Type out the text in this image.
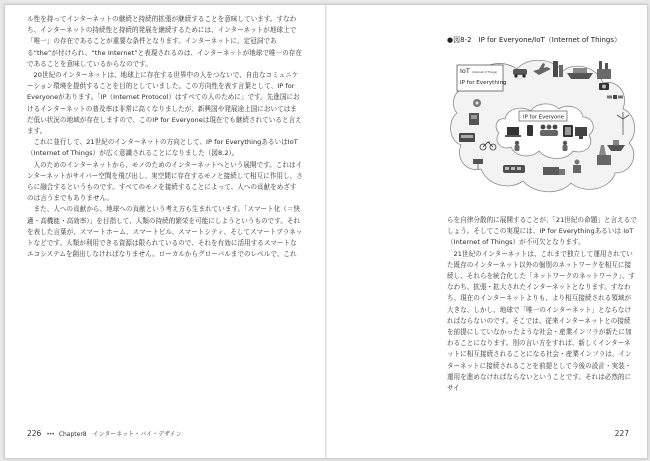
ル性を持ってインターネットの継続と持続的拡張が継続することを意味しています。すなわち、インターネットの持続性と持続的発展を継続するためには、インターネットが地球上で「唯一」の存在であることが重要な条件となります。インターネットに、定冠詞である“the”が付けられ、“the Internet”と表現されるのは、インターネットが地球で唯一の存在であることを意味しているからなのです。

20世紀のインターネットは、地球上に存在する世界中の人をつないで、自由なコミュニケーション環境を提供することを目的としていました。この方向性を表す言葉として、IP for Everyoneがあります。「IP（Internet Protocol）はすべての人のために」です。先進国におけるインターネットの普及率は非常に高くなりましたが、新興国や発展途上国においてはまだ低い状況の地域が存在しますので、このIP for Everyoneは現在でも継続されていると言えます。

これに並行して、21世紀のインターネットの方向として、IP for EverythingあるいはIoT（Internet of Things）が広く意識されることになりました（図8.2）。

人のためのインターネットから、モノのためのインターネットへという展開です。これはインターネットがサイバー空間を飛び出し、実空間に存在するモノと接続して相互に作用し、さらに融合するというものです。すべてのモノを接続することによって、人への貢献をめざすのは言うまでもありません。

また、人への貢献から、地球への貢献という考え方も生まれています。「スマート化（＝快適・高機能・高効率）」を目指して、人類の持続的繁栄を可能にしようというものです。それを表した言葉が、スマートホーム、スマートビル、スマートシティ、そしてスマートプラネットなどです。人類が利用できる資源は限られているので、それを有効に活用するスマートなエコシステムを創出しなければなりません。ローカルからグローバルまでのレベルで、これ

226 ••• Chapter8　インターネット・バイ・デザイン
●図8-2　IP for Everyone/IoT（Internet of Things）
IoT (Internet of Things)
IP for Everything
IP for Everyone

らを自律分散的に展開することが、「21世紀の命題」と言えるでしょう。そしてこの実現には、IP for Everythingあるいは IoT（Internet of Things）が不可欠となります。

21世紀のインターネットは、これまで独立して運用されていた既存のインターネット以外の個別のネットワークを相互に接続し、それらを統合化した「ネットワークのネットワーク」、すなわち、拡張・拡大されたインターネットとなります。すなわち、現在のインターネットよりも、より相互接続される領域が大きな、しかし、地球で「唯一のインターネット」とならなければならないのです。そこでは、従来インターネットとの接続を前提にしていなかったような社会・産業インフラが新たに加わることになります。別の言い方をすれば、新しくインターネットに相互接続されることになる社会・産業インフラは、インターネットに接続されることを前提として今後の設計・実装・運用を進めなければならないということです。それは必然的にサイ

227
